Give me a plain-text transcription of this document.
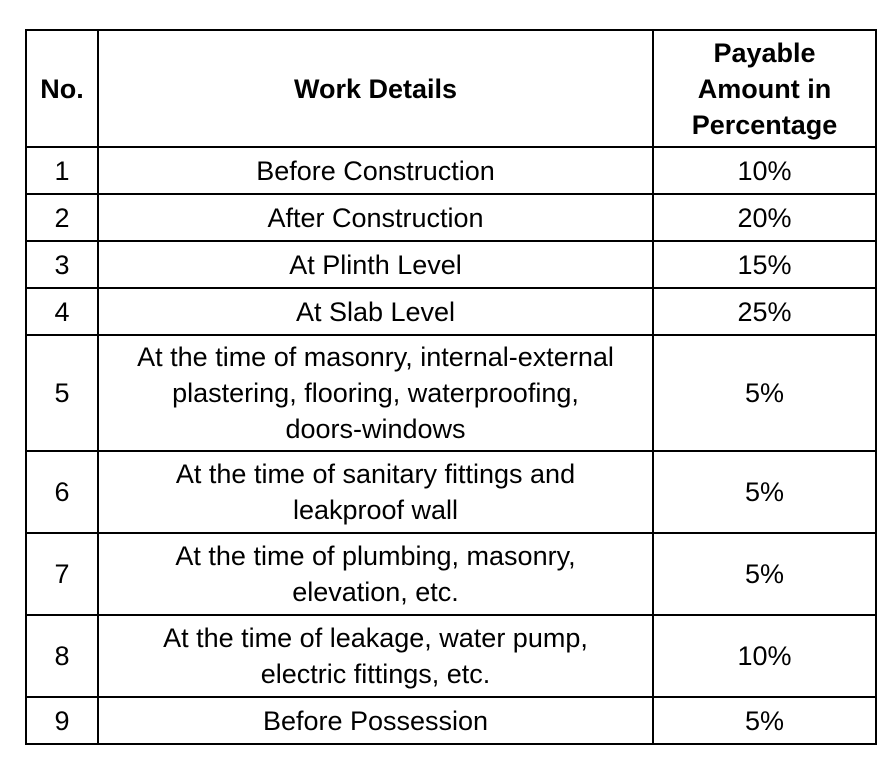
No.	Work Details	Payable
Amount in
Percentage

1	Before Construction	10%
2	After Construction	20%
3	At Plinth Level	15%
4	At Slab Level	25%
5	At the time of masonry, internal-external
plastering, flooring, waterproofing,
doors-windows	5%
6	At the time of sanitary fittings and
leakproof wall	5%
7	At the time of plumbing, masonry,
elevation, etc.	5%
8	At the time of leakage, water pump,
electric fittings, etc.	10%
9	Before Possession	5%
